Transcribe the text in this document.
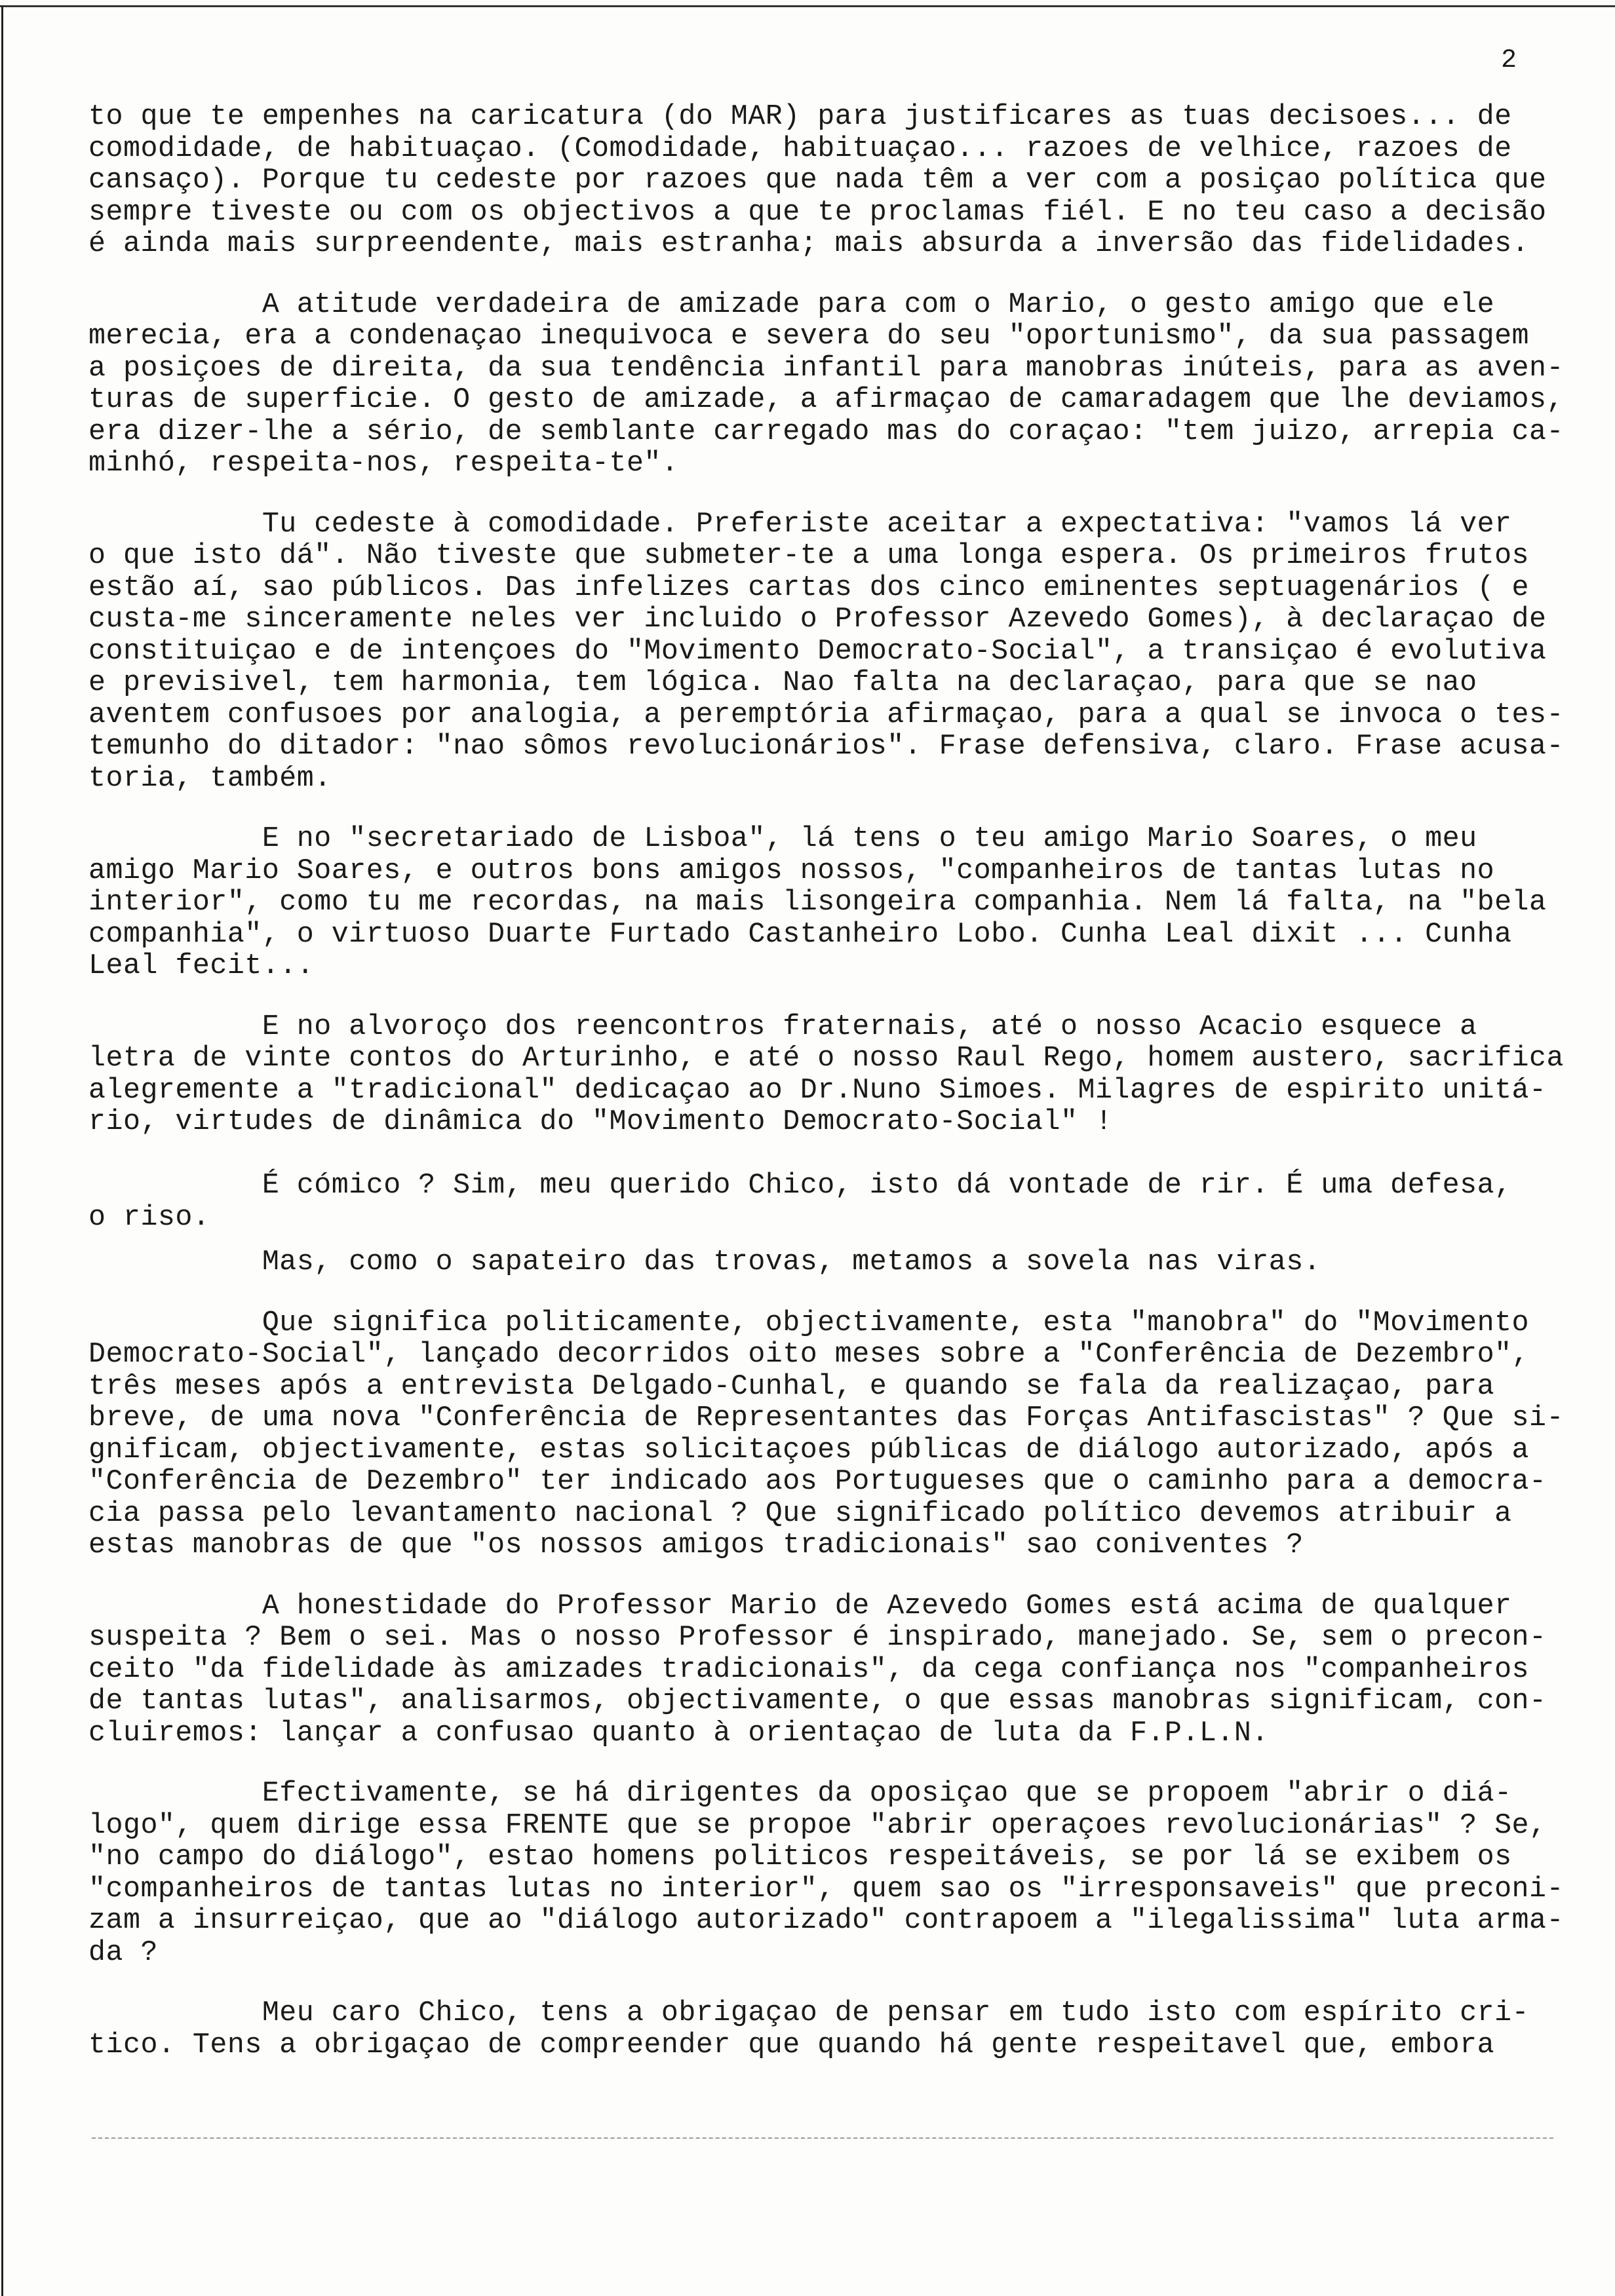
2
to que te empenhes na caricatura (do MAR) para justificares as tuas decisoes... de
comodidade, de habituaçao. (Comodidade, habituaçao... razoes de velhice, razoes de
cansaço). Porque tu cedeste por razoes que nada têm a ver com a posiçao política que
sempre tiveste ou com os objectivos a que te proclamas fiél. E no teu caso a decisão
é ainda mais surpreendente, mais estranha; mais absurda a inversão das fidelidades.
A atitude verdadeira de amizade para com o Mario, o gesto amigo que ele
merecia, era a condenaçao inequivoca e severa do seu "oportunismo", da sua passagem
a posiçoes de direita, da sua tendência infantil para manobras inúteis, para as aven-
turas de superficie. O gesto de amizade, a afirmaçao de camaradagem que lhe deviamos,
era dizer-lhe a sério, de semblante carregado mas do coraçao: "tem juizo, arrepia ca-
minhó, respeita-nos, respeita-te".
Tu cedeste à comodidade. Preferiste aceitar a expectativa: "vamos lá ver
o que isto dá". Não tiveste que submeter-te a uma longa espera. Os primeiros frutos
estão aí, sao públicos. Das infelizes cartas dos cinco eminentes septuagenários ( e
custa-me sinceramente neles ver incluido o Professor Azevedo Gomes), à declaraçao de
constituiçao e de intençoes do "Movimento Democrato-Social", a transiçao é evolutiva
e previsivel, tem harmonia, tem lógica. Nao falta na declaraçao, para que se nao
aventem confusoes por analogia, a peremptória afirmaçao, para a qual se invoca o tes-
temunho do ditador: "nao sômos revolucionários". Frase defensiva, claro. Frase acusa-
toria, também.
E no "secretariado de Lisboa", lá tens o teu amigo Mario Soares, o meu
amigo Mario Soares, e outros bons amigos nossos, "companheiros de tantas lutas no
interior", como tu me recordas, na mais lisongeira companhia. Nem lá falta, na "bela
companhia", o virtuoso Duarte Furtado Castanheiro Lobo. Cunha Leal dixit ... Cunha
Leal fecit...
E no alvoroço dos reencontros fraternais, até o nosso Acacio esquece a
letra de vinte contos do Arturinho, e até o nosso Raul Rego, homem austero, sacrifica
alegremente a "tradicional" dedicaçao ao Dr.Nuno Simoes. Milagres de espirito unitá-
rio, virtudes de dinâmica do "Movimento Democrato-Social" !
É cómico ? Sim, meu querido Chico, isto dá vontade de rir. É uma defesa,
o riso.
Mas, como o sapateiro das trovas, metamos a sovela nas viras.
Que significa politicamente, objectivamente, esta "manobra" do "Movimento
Democrato-Social", lançado decorridos oito meses sobre a "Conferência de Dezembro",
três meses após a entrevista Delgado-Cunhal, e quando se fala da realizaçao, para
breve, de uma nova "Conferência de Representantes das Forças Antifascistas" ? Que si-
gnificam, objectivamente, estas solicitaçoes públicas de diálogo autorizado, após a
"Conferência de Dezembro" ter indicado aos Portugueses que o caminho para a democra-
cia passa pelo levantamento nacional ? Que significado político devemos atribuir a
estas manobras de que "os nossos amigos tradicionais" sao coniventes ?
A honestidade do Professor Mario de Azevedo Gomes está acima de qualquer
suspeita ? Bem o sei. Mas o nosso Professor é inspirado, manejado. Se, sem o precon-
ceito "da fidelidade às amizades tradicionais", da cega confiança nos "companheiros
de tantas lutas", analisarmos, objectivamente, o que essas manobras significam, con-
cluiremos: lançar a confusao quanto à orientaçao de luta da F.P.L.N.
Efectivamente, se há dirigentes da oposiçao que se propoem "abrir o diá-
logo", quem dirige essa FRENTE que se propoe "abrir operaçoes revolucionárias" ? Se,
"no campo do diálogo", estao homens politicos respeitáveis, se por lá se exibem os
"companheiros de tantas lutas no interior", quem sao os "irresponsaveis" que preconi-
zam a insurreiçao, que ao "diálogo autorizado" contrapoem a "ilegalissima" luta arma-
da ?
Meu caro Chico, tens a obrigaçao de pensar em tudo isto com espírito cri-
tico. Tens a obrigaçao de compreender que quando há gente respeitavel que, embora
